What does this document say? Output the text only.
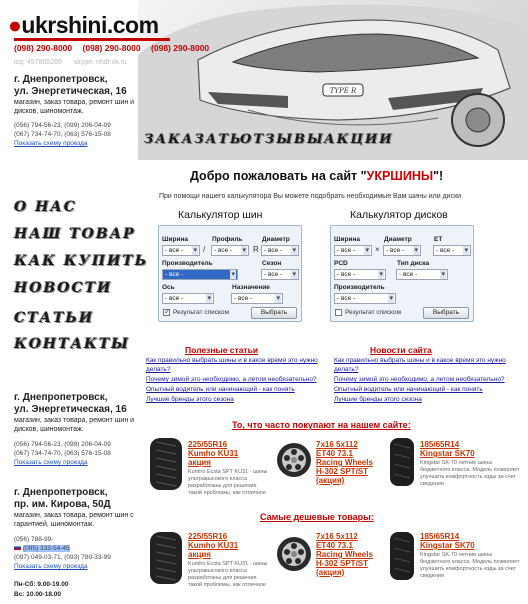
TYPE R
●ukrshini.com
(098) 290-8000 (098) 290-8000 (098) 290-8000
icq: 457865286 skype: nhdt.vk.ru
г. Днепропетровск,
ул. Энергетическая, 16
магазин, заказ товара, ремонт шин и дисков, шиномонтаж.
(056) 794-56-23, (099) 206-04-09
(067) 734-74-70, (063) 576-15-08
Показать схему проезда	ЗАКАЗАТЬ
ОТЗЫВЫ АКЦИИ
О НАС
НАШ ТОВАР
КАК КУПИТЬ
НОВОСТИ
СТАТЬИ
КОНТАКТЫ
Добро пожаловать на сайт "УКРШИНЫ"!
При помощи нашего калькулятора Вы можете подобрать необходимые Вам шины или диски
Калькулятор шин	Калькулятор дисков
Ширина	Профиль	Диаметр
- все - ▾	/	- все - ▾	R - все - ▾
Производитель	Сезон
- все - ▾	- все - ▾
Ось	Назначение
- все - ▾	- все - ▾
✓
Результат списком	Выбрать
Ширина	Диаметр	ET
- все - ▾	× - все - ▾	- все - ▾
PCD	Тип диска
- все - ▾	- все - ▾
Производитель
- все - ▾
Результат списком	Выбрать
Полезные статьи
Как правильно выбрать шины и в какое время это нужно делать?
Почему зимой это необходимо, а летом необязательно?
Опытный водитель или начинающий - как понять
Лучшие бренды этого сезона
Новости сайта
Как правильно выбрать шины и в какое время это нужно делать?
Почему зимой это необходимо, а летом необязательно?
Опытный водитель или начинающий - как понять
Лучшие бренды этого сезона
г. Днепропетровск,
ул. Энергетическая, 16
магазин, заказ товара, ремонт шин и дисков, шиномонтаж.
(056) 794-56-23, (099) 206-04-09
(067) 734-74-70, (063) 576-15-08
Показать схему проезда
г. Днепропетровск,
пр. им. Кирова, 50Д
магазин, заказ товара, ремонт шин с гарантией, шиномонтаж.
(056) 788-99-
(095) 333-54-45
(097) 049-03-71, (093) 780-33-99
Показать схему проезда
Пн-Сб: 9.00-19.00
Вс: 10.00-18.00
То, что часто покупают на нашем сайте:
225/55R16
Kumho KU31
акция
Kumho Ecsta SPT KU31 - шины ультравысокого класса разработаны для решения такой проблемы, как отличное
7x16 5x112
ET40 73.1
Racing Wheels
H-302 SPT/ST
(акция)
185/65R14
Kingstar SK70
Kingstar SK-70 летние шины бюджетного класса. Модель позволяет улучшить комфортность езды за счет сведения
Самые дешевые товары:
225/55R16
Kumho KU31
акция
Kumho Ecsta SPT KU31 - шины ультравысокого класса разработаны для решения такой проблемы, как отличное
7x16 5x112
ET40 73.1
Racing Wheels
H-302 SPT/ST
(акция)
185/65R14
Kingstar SK70
Kingstar SK-70 летние шины бюджетного класса. Модель позволяет улучшить комфортность езды за счет сведения
